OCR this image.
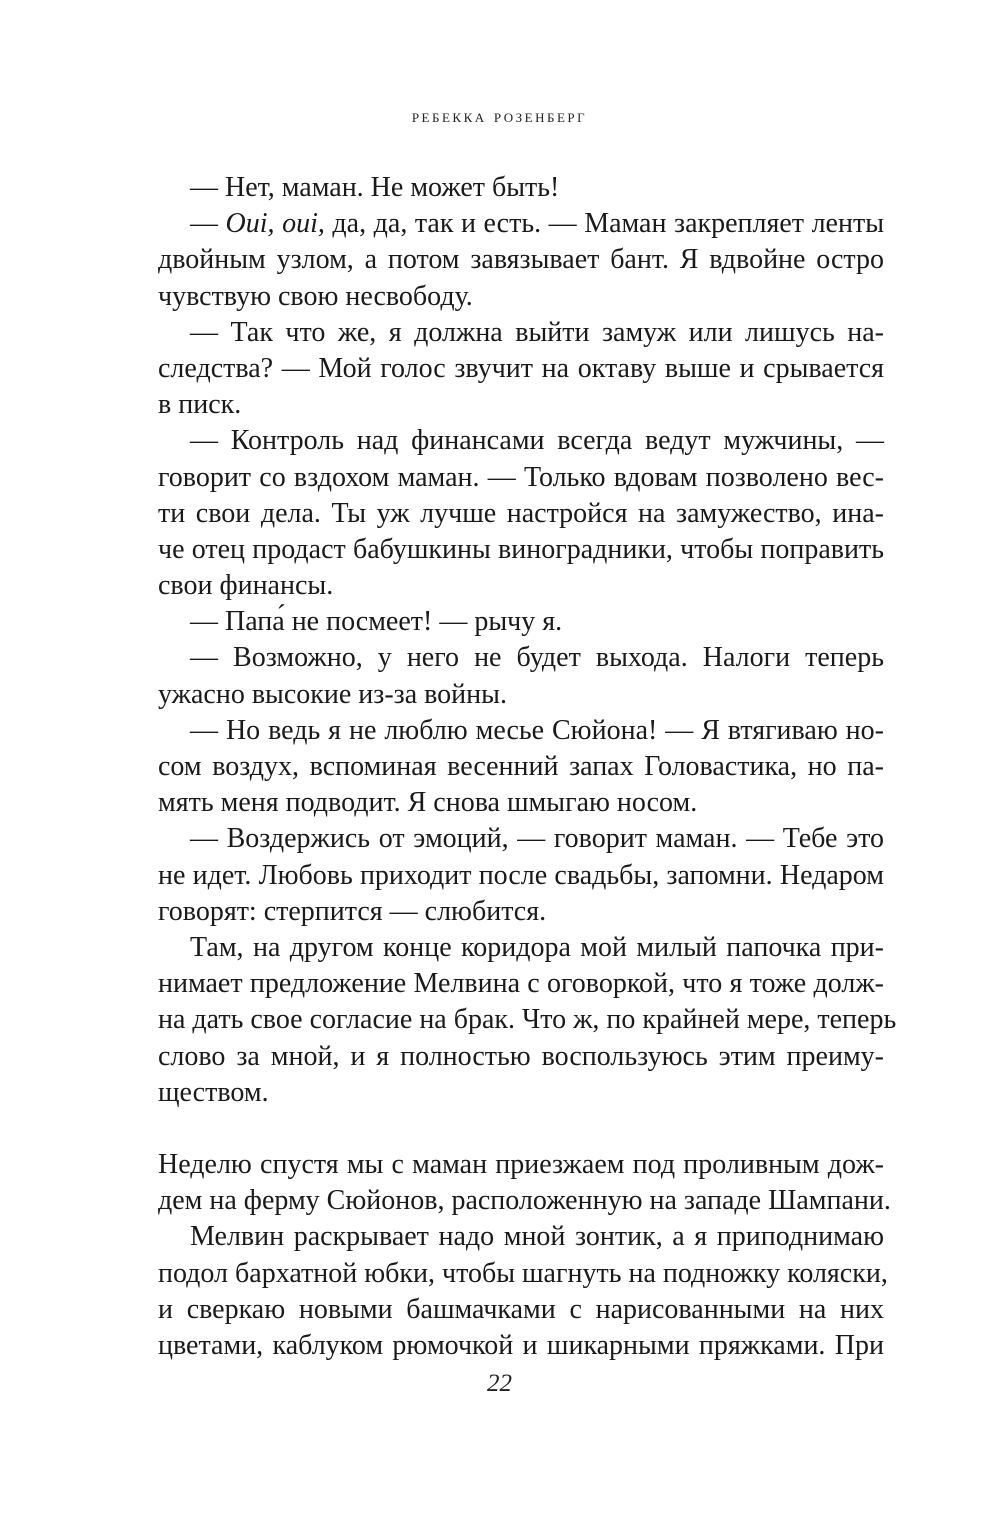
ребекка розенберг
— Нет, маман. Не может быть!
— Oui, oui, да, да, так и есть. — Маман закрепляет ленты
двойным узлом, а потом завязывает бант. Я вдвойне остро
чувствую свою несвободу.
— Так что же, я должна выйти замуж или лишусь на-
следства? — Мой голос звучит на октаву выше и срывается
в писк.
— Контроль над финансами всегда ведут мужчины, —
говорит со вздохом маман. — Только вдовам позволено вес-
ти свои дела. Ты уж лучше настройся на замужество, ина-
че отец продаст бабушкины виноградники, чтобы поправить
свои финансы.
— Папа́ не посмеет! — рычу я.
— Возможно, у него не будет выхода. Налоги теперь
ужасно высокие из-за войны.
— Но ведь я не люблю месье Сюйона! — Я втягиваю но-
сом воздух, вспоминая весенний запах Головастика, но па-
мять меня подводит. Я снова шмыгаю носом.
— Воздержись от эмоций, — говорит маман. — Тебе это
не идет. Любовь приходит после свадьбы, запомни. Недаром
говорят: стерпится — слюбится.
Там, на другом конце коридора мой милый папочка при-
нимает предложение Мелвина с оговоркой, что я тоже долж-
на дать свое согласие на брак. Что ж, по крайней мере, теперь
слово за мной, и я полностью воспользуюсь этим преиму-
ществом.
Неделю спустя мы с маман приезжаем под проливным дож-
дем на ферму Сюйонов, расположенную на западе Шампани.
Мелвин раскрывает надо мной зонтик, а я приподнимаю
подол бархатной юбки, чтобы шагнуть на подножку коляски,
и сверкаю новыми башмачками с нарисованными на них
цветами, каблуком рюмочкой и шикарными пряжками. При
22
